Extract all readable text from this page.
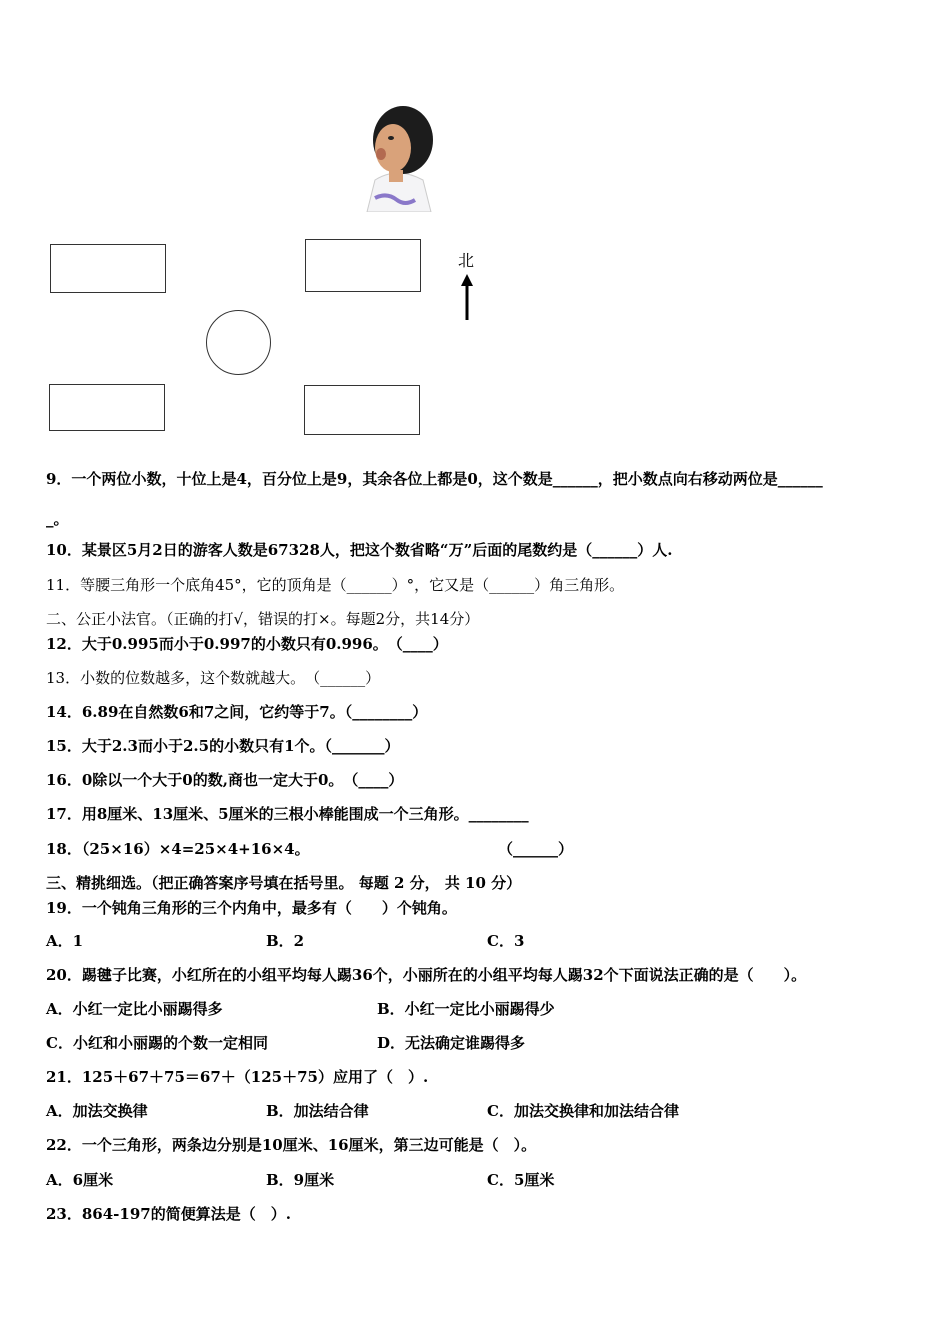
北
9．一个两位小数，十位上是4，百分位上是9，其余各位上都是0，这个数是______，把小数点向右移动两位是______
_。
10．某景区5月2日的游客人数是67328人，把这个数省略“万”后面的尾数约是（______）人.
11．等腰三角形一个底角45°，它的顶角是（______）°，它又是（______）角三角形。
二、公正小法官。（正确的打√，错误的打×。每题2分，共14分）
12．大于0.995而小于0.997的小数只有0.996。　（____）
13．小数的位数越多，这个数就越大。　（______）
14．6.89在自然数6和7之间，它约等于7。（________）
15．大于2.3而小于2.5的小数只有1个。（_______）
16．0除以一个大于0的数,商也一定大于0。　（____）
17．用8厘米、13厘米、5厘米的三根小棒能围成一个三角形。________
18．（25×16）×4=25×4+16×4。	（______）
三、精挑细选。（把正确答案序号填在括号里。 每题 2 分， 共 10 分）
19．一个钝角三角形的三个内角中，最多有（　　）个钝角。
A．1	B．2	C．3
20．踢毽子比赛，小红所在的小组平均每人踢36个，小丽所在的小组平均每人踢32个下面说法正确的是（　　）。
A．小红一定比小丽踢得多	B．小红一定比小丽踢得少
C．小红和小丽踢的个数一定相同	D．无法确定谁踢得多
21．125＋67＋75＝67＋（125＋75）应用了（　）.
A．加法交换律	B．加法结合律	C．加法交换律和加法结合律
22．一个三角形，两条边分别是10厘米、16厘米，第三边可能是（　）。
A．6厘米	B．9厘米	C．5厘米
23．864-197的简便算法是（　）.
